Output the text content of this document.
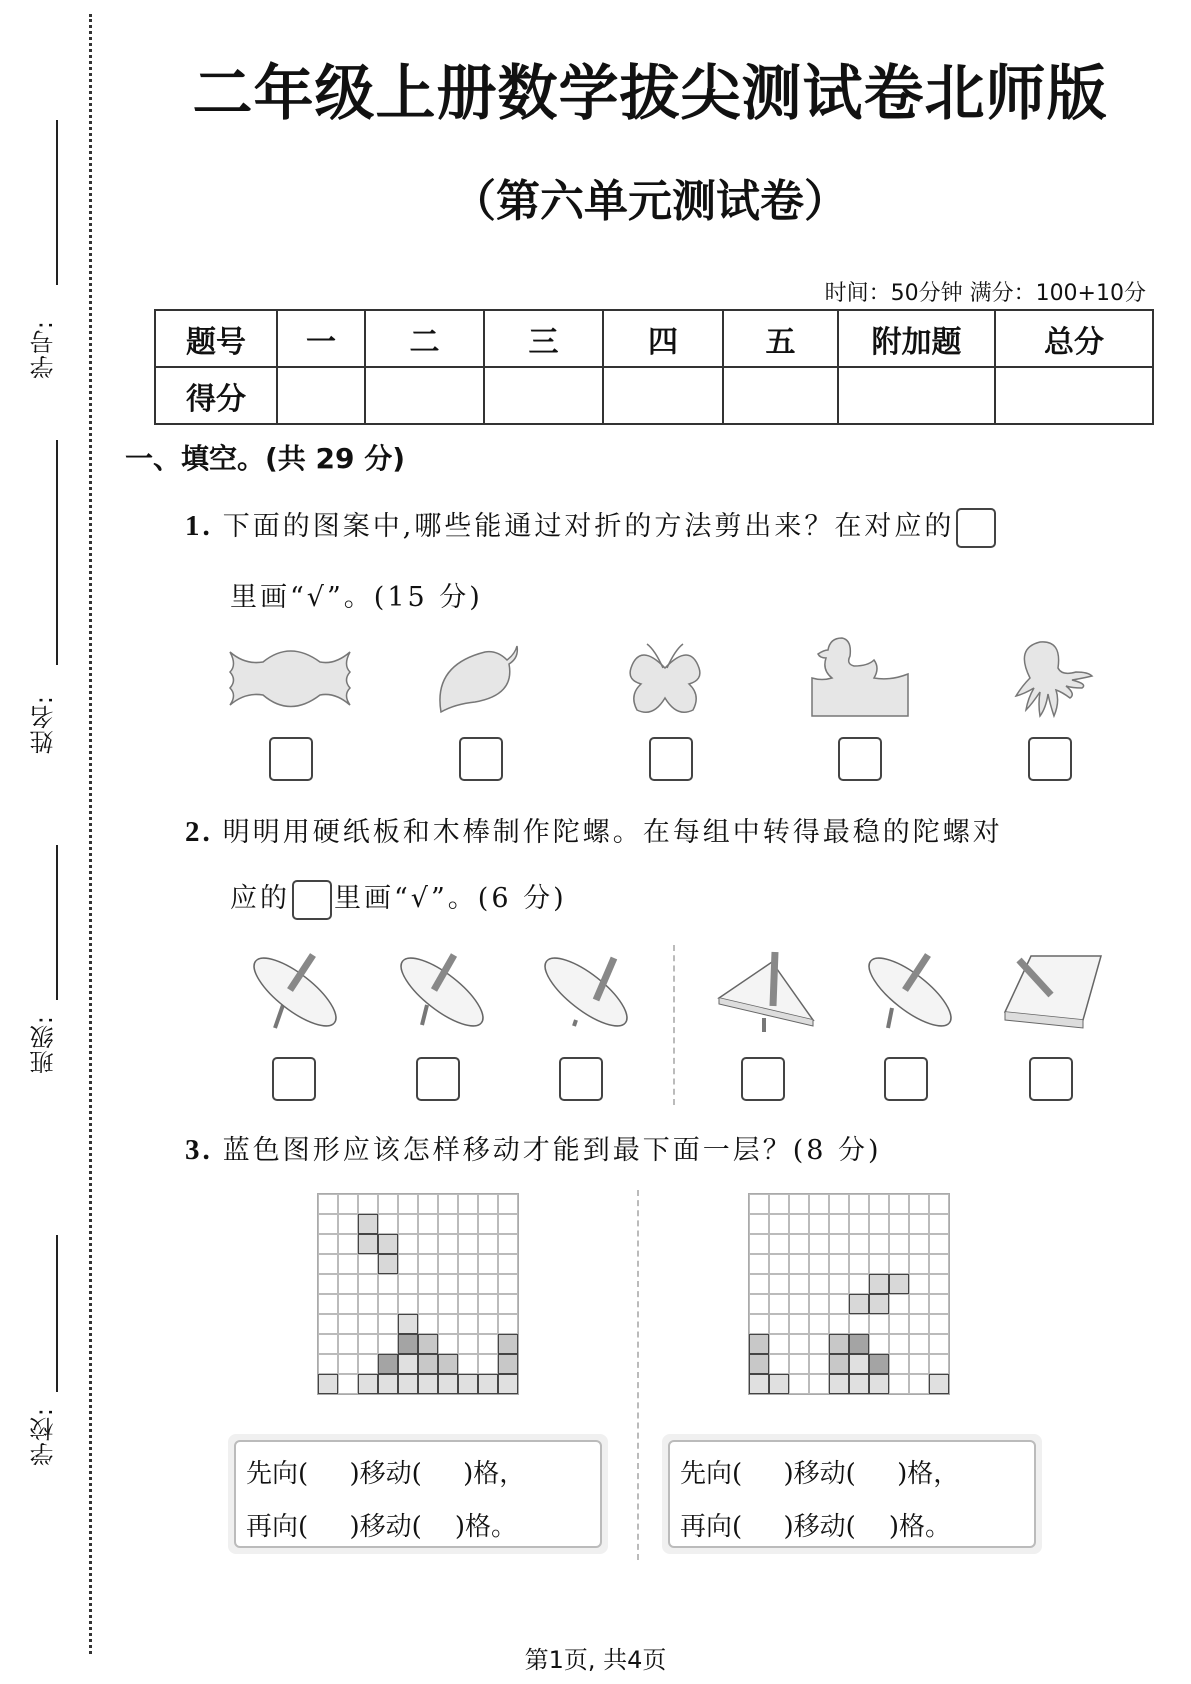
学号:
姓名:
班级:
学校:
二年级上册数学拔尖测试卷北师版
（第六单元测试卷）
时间：50分钟 满分：100+10分
题号	一	二	三	四	五	附加题	总分
得分							
一、填空。(共 29 分)
1. 下面的图案中,哪些能通过对折的方法剪出来？在对应的
里画“√”。(15 分)
2. 明明用硬纸板和木棒制作陀螺。在每组中转得最稳的陀螺对
应的 里画“√”。(6 分)
3. 蓝色图形应该怎样移动才能到最下面一层？(8 分)
先向(     )移动(     )格，
再向(     )移动(    )格。
先向(     )移动(     )格，
再向(     )移动(    )格。
第1页, 共4页
